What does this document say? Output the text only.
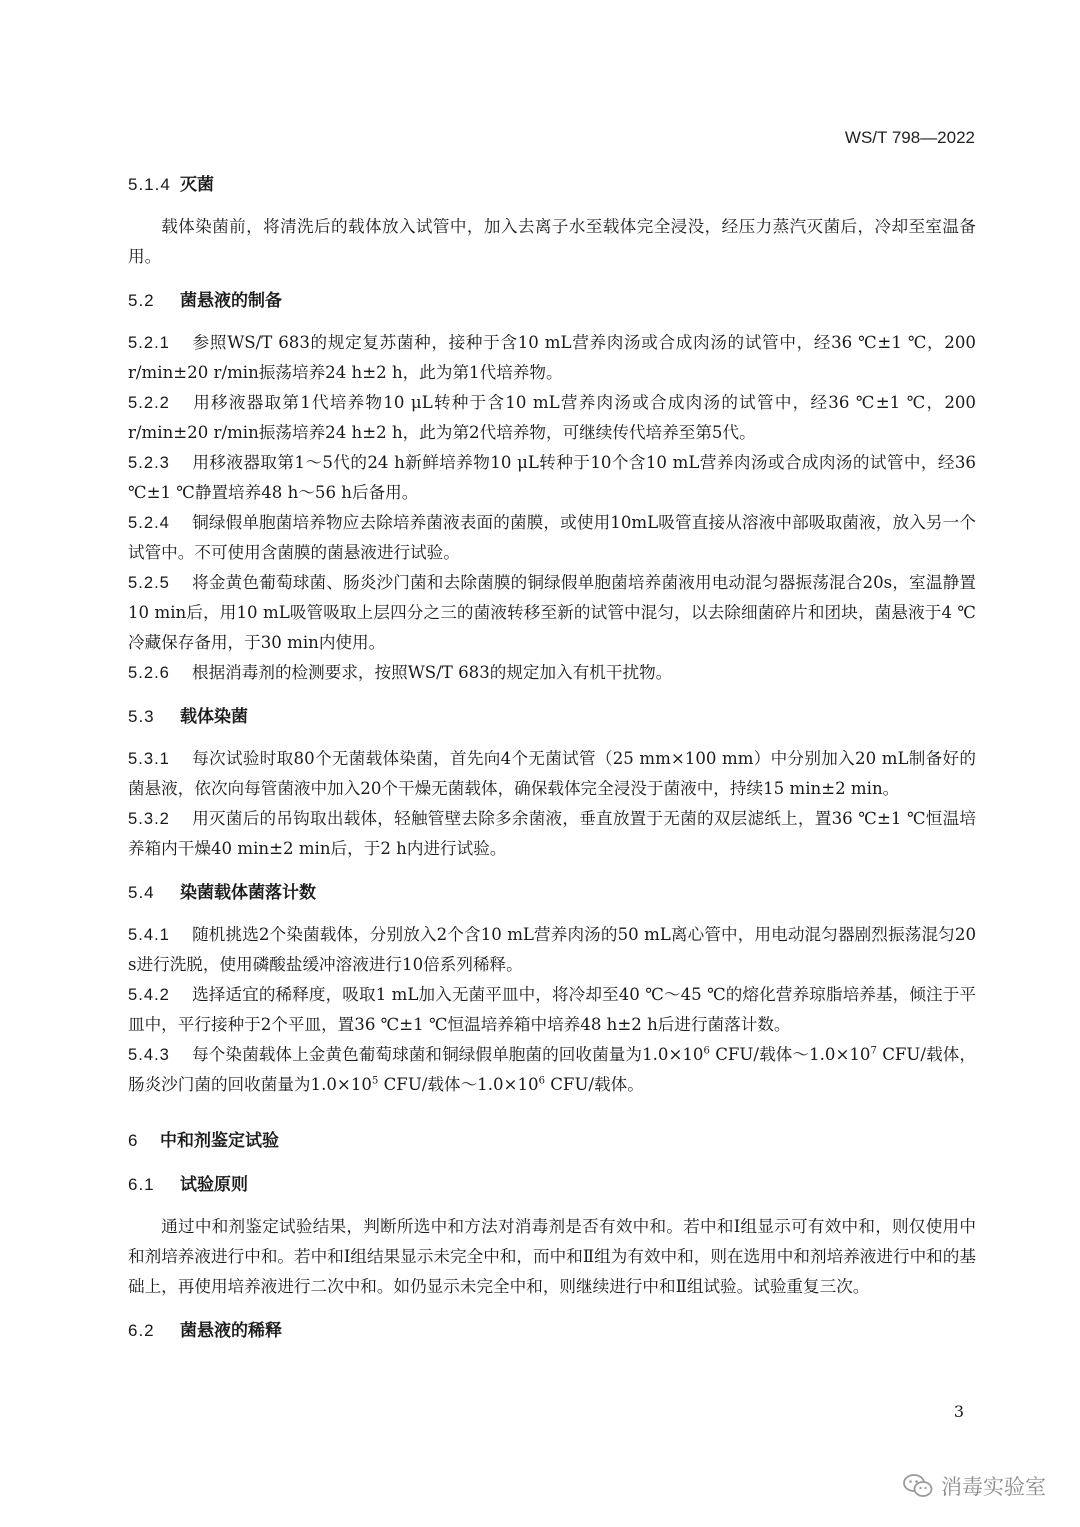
WS/T 798—2022
5.1.4 灭菌
载体染菌前，将清洗后的载体放入试管中，加入去离子水至载体完全浸没，经压力蒸汽灭菌后，冷却至室温备用。
5.2 菌悬液的制备
5.2.1 参照WS/T 683的规定复苏菌种，接种于含10 mL营养肉汤或合成肉汤的试管中，经36 ℃±1 ℃，200 r/min±20 r/min振荡培养24 h±2 h，此为第1代培养物。
5.2.2 用移液器取第1代培养物10 μL转种于含10 mL营养肉汤或合成肉汤的试管中，经36 ℃±1 ℃，200 r/min±20 r/min振荡培养24 h±2 h，此为第2代培养物，可继续传代培养至第5代。
5.2.3 用移液器取第1～5代的24 h新鲜培养物10 μL转种于10个含10 mL营养肉汤或合成肉汤的试管中，经36 ℃±1 ℃静置培养48 h～56 h后备用。
5.2.4 铜绿假单胞菌培养物应去除培养菌液表面的菌膜，或使用10mL吸管直接从溶液中部吸取菌液，放入另一个试管中。不可使用含菌膜的菌悬液进行试验。
5.2.5 将金黄色葡萄球菌、肠炎沙门菌和去除菌膜的铜绿假单胞菌培养菌液用电动混匀器振荡混合20s，室温静置10 min后，用10 mL吸管吸取上层四分之三的菌液转移至新的试管中混匀，以去除细菌碎片和团块，菌悬液于4 ℃冷藏保存备用，于30 min内使用。
5.2.6 根据消毒剂的检测要求，按照WS/T 683的规定加入有机干扰物。
5.3 载体染菌
5.3.1 每次试验时取80个无菌载体染菌，首先向4个无菌试管（25 mm×100 mm）中分别加入20 mL制备好的菌悬液，依次向每管菌液中加入20个干燥无菌载体，确保载体完全浸没于菌液中，持续15 min±2 min。
5.3.2 用灭菌后的吊钩取出载体，轻触管壁去除多余菌液，垂直放置于无菌的双层滤纸上，置36 ℃±1 ℃恒温培养箱内干燥40 min±2 min后，于2 h内进行试验。
5.4 染菌载体菌落计数
5.4.1 随机挑选2个染菌载体，分别放入2个含10 mL营养肉汤的50 mL离心管中，用电动混匀器剧烈振荡混匀20 s进行洗脱，使用磷酸盐缓冲溶液进行10倍系列稀释。
5.4.2 选择适宜的稀释度，吸取1 mL加入无菌平皿中，将冷却至40 ℃～45 ℃的熔化营养琼脂培养基，倾注于平皿中，平行接种于2个平皿，置36 ℃±1 ℃恒温培养箱中培养48 h±2 h后进行菌落计数。
5.4.3 每个染菌载体上金黄色葡萄球菌和铜绿假单胞菌的回收菌量为$1.0\times 10^6$ CFU/载体$\sim 1.0\times 10^7$ CFU/载体，肠炎沙门菌的回收菌量为$1.0\times 10^5$ CFU/载体$\sim 1.0\times 10^6$ CFU/载体。
6 中和剂鉴定试验
6.1 试验原则
通过中和剂鉴定试验结果，判断所选中和方法对消毒剂是否有效中和。若中和Ⅰ组显示可有效中和，则仅使用中和剂培养液进行中和。若中和Ⅰ组结果显示未完全中和，而中和Ⅱ组为有效中和，则在选用中和剂培养液进行中和的基础上，再使用培养液进行二次中和。如仍显示未完全中和，则继续进行中和Ⅱ组试验。试验重复三次。
6.2 菌悬液的稀释
3
消毒实验室
